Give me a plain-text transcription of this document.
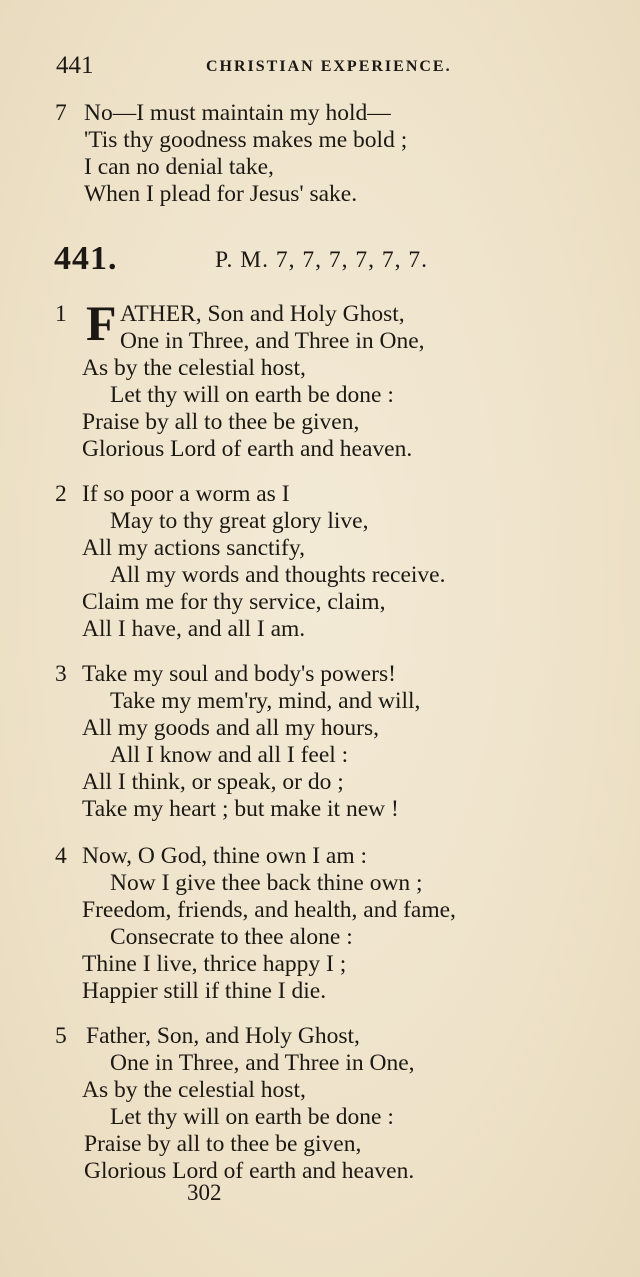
441	CHRISTIAN EXPERIENCE.
7 No—I must maintain my hold—
'Tis thy goodness makes me bold ;
I can no denial take,
When I plead for Jesus' sake.
441.	P. M. 7, 7, 7, 7, 7, 7.
1 F ATHER, Son and Holy Ghost,
One in Three, and Three in One,
As by the celestial host,
Let thy will on earth be done :
Praise by all to thee be given,
Glorious Lord of earth and heaven.
2 If so poor a worm as I
May to thy great glory live,
All my actions sanctify,
All my words and thoughts receive.
Claim me for thy service, claim,
All I have, and all I am.
3 Take my soul and body's powers!
Take my mem'ry, mind, and will,
All my goods and all my hours,
All I know and all I feel :
All I think, or speak, or do ;
Take my heart ; but make it new !
4 Now, O God, thine own I am :
Now I give thee back thine own ;
Freedom, friends, and health, and fame,
Consecrate to thee alone :
Thine I live, thrice happy I ;
Happier still if thine I die.
5 Father, Son, and Holy Ghost,
One in Three, and Three in One,
As by the celestial host,
Let thy will on earth be done :
Praise by all to thee be given,
Glorious Lord of earth and heaven.
302
